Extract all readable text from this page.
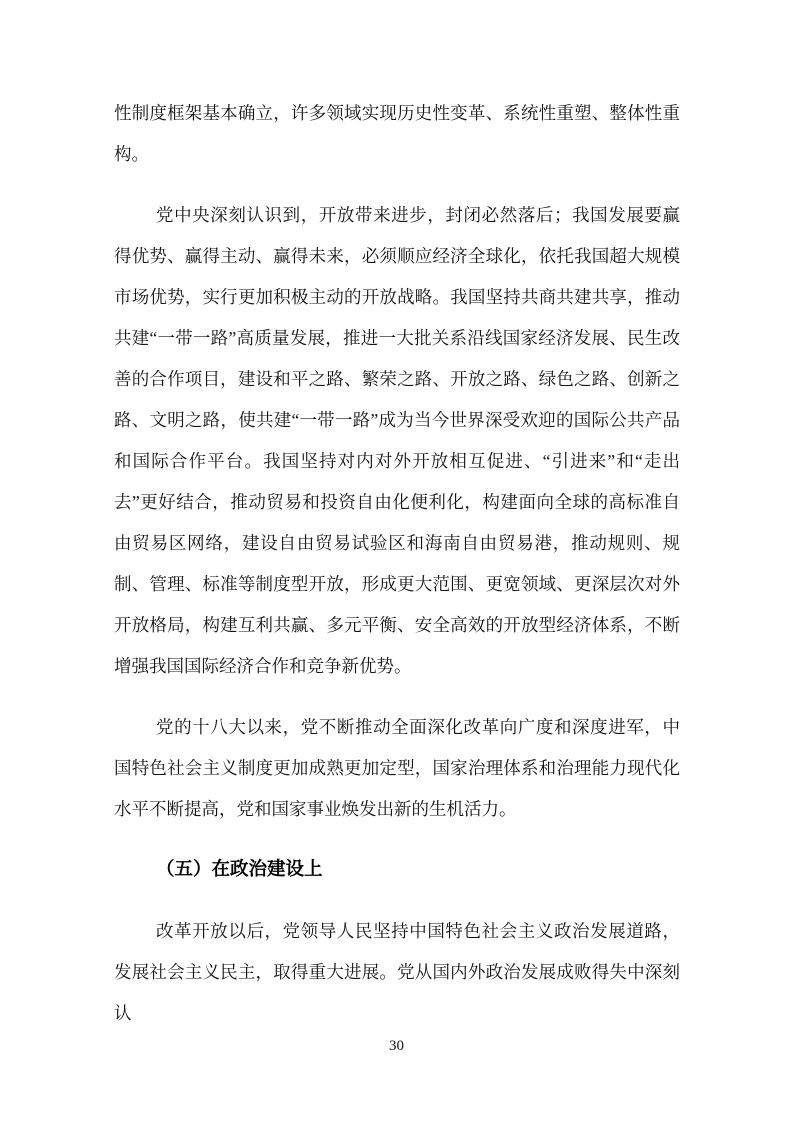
性制度框架基本确立，许多领域实现历史性变革、系统性重塑、整体性重构。

党中央深刻认识到，开放带来进步，封闭必然落后；我国发展要赢得优势、赢得主动、赢得未来，必须顺应经济全球化，依托我国超大规模市场优势，实行更加积极主动的开放战略。我国坚持共商共建共享，推动共建“一带一路”高质量发展，推进一大批关系沿线国家经济发展、民生改善的合作项目，建设和平之路、繁荣之路、开放之路、绿色之路、创新之路、文明之路，使共建“一带一路”成为当今世界深受欢迎的国际公共产品和国际合作平台。我国坚持对内对外开放相互促进、“引进来”和“走出去”更好结合，推动贸易和投资自由化便利化，构建面向全球的高标准自由贸易区网络，建设自由贸易试验区和海南自由贸易港，推动规则、规制、管理、标准等制度型开放，形成更大范围、更宽领域、更深层次对外开放格局，构建互利共赢、多元平衡、安全高效的开放型经济体系，不断增强我国国际经济合作和竞争新优势。

党的十八大以来，党不断推动全面深化改革向广度和深度进军，中国特色社会主义制度更加成熟更加定型，国家治理体系和治理能力现代化水平不断提高，党和国家事业焕发出新的生机活力。

（五）在政治建设上

改革开放以后，党领导人民坚持中国特色社会主义政治发展道路，发展社会主义民主，取得重大进展。党从国内外政治发展成败得失中深刻认

30
